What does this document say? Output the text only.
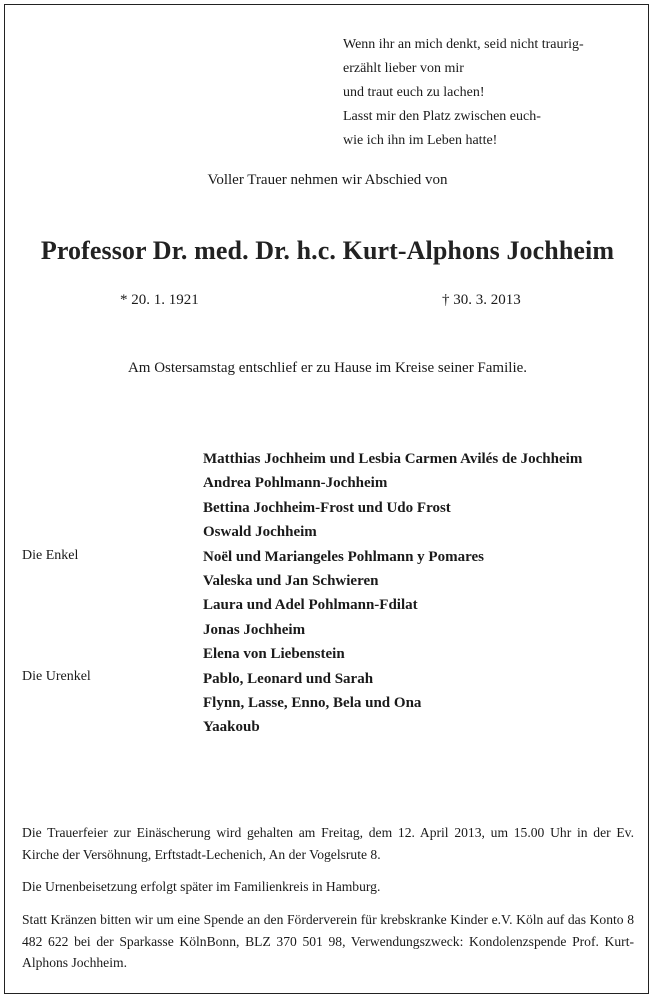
Wenn ihr an mich denkt, seid nicht traurig-
erzählt lieber von mir
und traut euch zu lachen!
Lasst mir den Platz zwischen euch-
wie ich ihn im Leben hatte!
Voller Trauer nehmen wir Abschied von
Professor Dr. med. Dr. h.c. Kurt-Alphons Jochheim
* 20. 1. 1921	† 30. 3. 2013
Am Ostersamstag entschlief er zu Hause im Kreise seiner Familie.
Matthias Jochheim und Lesbia Carmen Avilés de Jochheim
Andrea Pohlmann-Jochheim
Bettina Jochheim-Frost und Udo Frost
Oswald Jochheim
Noël und Mariangeles Pohlmann y Pomares
Valeska und Jan Schwieren
Laura und Adel Pohlmann-Fdilat
Jonas Jochheim
Elena von Liebenstein
Pablo, Leonard und Sarah
Flynn, Lasse, Enno, Bela und Ona
Yaakoub
Die Enkel
Die Urenkel
Die Trauerfeier zur Einäscherung wird gehalten am Freitag, dem 12. April 2013, um 15.00 Uhr in der Ev. Kirche der Versöhnung, Erftstadt-Lechenich, An der Vogelsrute 8.
Die Urnenbeisetzung erfolgt später im Familienkreis in Hamburg.
Statt Kränzen bitten wir um eine Spende an den Förderverein für krebskranke Kinder e.V. Köln auf das Konto 8 482 622 bei der Sparkasse KölnBonn, BLZ 370 501 98, Verwendungszweck: Kondolenzspende Prof. Kurt-Alphons Jochheim.
